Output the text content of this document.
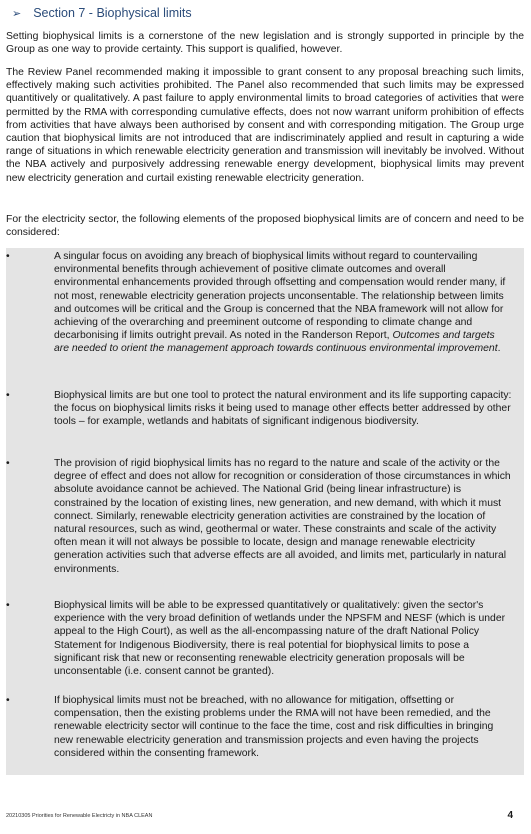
➢ Section 7 - Biophysical limits

Setting biophysical limits is a cornerstone of the new legislation and is strongly supported in principle by the Group as one way to provide certainty. This support is qualified, however.

The Review Panel recommended making it impossible to grant consent to any proposal breaching such limits, effectively making such activities prohibited. The Panel also recommended that such limits may be expressed quantitively or qualitatively. A past failure to apply environmental limits to broad categories of activities that were permitted by the RMA with corresponding cumulative effects, does not now warrant uniform prohibition of effects from activities that have always been authorised by consent and with corresponding mitigation. The Group urge caution that biophysical limits are not introduced that are indiscriminately applied and result in capturing a wide range of situations in which renewable electricity generation and transmission will inevitably be involved. Without the NBA actively and purposively addressing renewable energy development, biophysical limits may prevent new electricity generation and curtail existing renewable electricity generation.

For the electricity sector, the following elements of the proposed biophysical limits are of concern and need to be considered:

•	A singular focus on avoiding any breach of biophysical limits without regard to countervailing environmental benefits through achievement of positive climate outcomes and overall environmental enhancements provided through offsetting and compensation would render many, if not most, renewable electricity generation projects unconsentable. The relationship between limits and outcomes will be critical and the Group is concerned that the NBA framework will not allow for achieving of the overarching and preeminent outcome of responding to climate change and decarbonising if limits outright prevail. As noted in the Randerson Report, Outcomes and targets are needed to orient the management approach towards continuous environmental improvement.

•	Biophysical limits are but one tool to protect the natural environment and its life supporting capacity: the focus on biophysical limits risks it being used to manage other effects better addressed by other tools – for example, wetlands and habitats of significant indigenous biodiversity.

•	The provision of rigid biophysical limits has no regard to the nature and scale of the activity or the degree of effect and does not allow for recognition or consideration of those circumstances in which absolute avoidance cannot be achieved. The National Grid (being linear infrastructure) is constrained by the location of existing lines, new generation, and new demand, with which it must connect. Similarly, renewable electricity generation activities are constrained by the location of natural resources, such as wind, geothermal or water. These constraints and scale of the activity often mean it will not always be possible to locate, design and manage renewable electricity generation activities such that adverse effects are all avoided, and limits met, particularly in natural environments.

•	Biophysical limits will be able to be expressed quantitatively or qualitatively: given the sector's experience with the very broad definition of wetlands under the NPSFM and NESF (which is under appeal to the High Court), as well as the all-encompassing nature of the draft National Policy Statement for Indigenous Biodiversity, there is real potential for biophysical limits to pose a significant risk that new or reconsenting renewable electricity generation proposals will be unconsentable (i.e. consent cannot be granted).

•	If biophysical limits must not be breached, with no allowance for mitigation, offsetting or compensation, then the existing problems under the RMA will not have been remedied, and the renewable electricity sector will continue to the face the time, cost and risk difficulties in bringing new renewable electricity generation and transmission projects and even having the projects considered within the consenting framework.

20210305 Priorities for Renewable Electricty in NBA CLEAN	4
